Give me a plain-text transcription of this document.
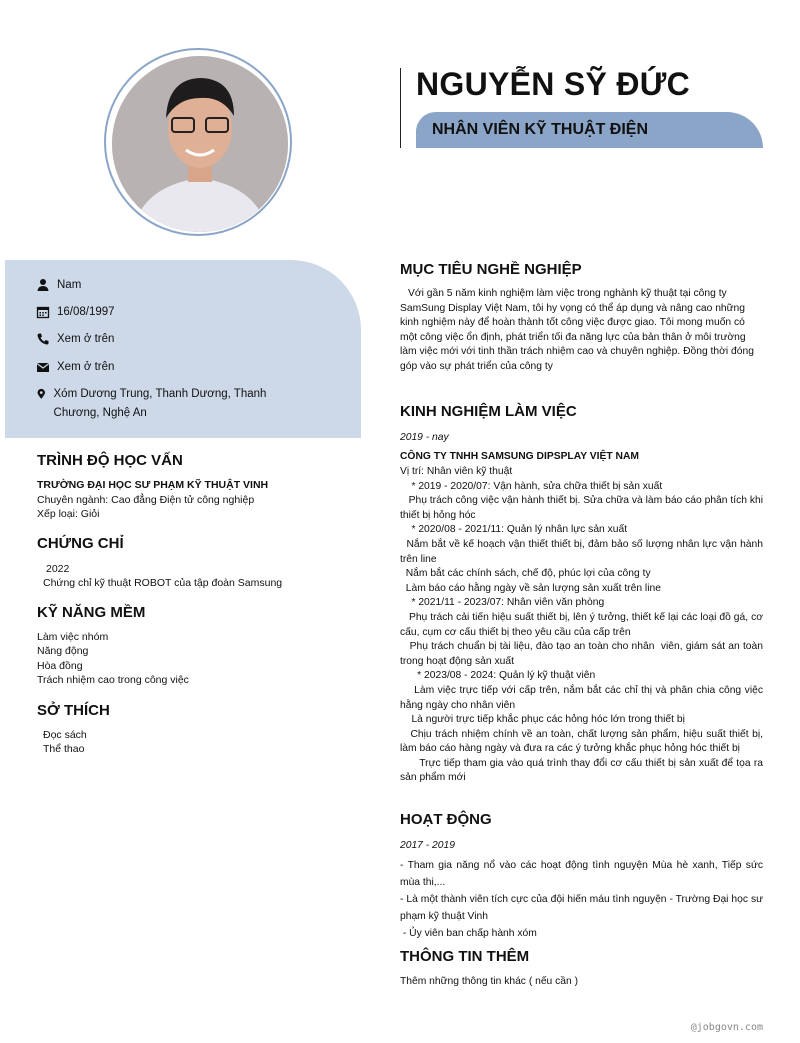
NGUYỄN SỸ ĐỨC
NHÂN VIÊN KỸ THUẬT ĐIỆN
Nam
16/08/1997
Xem ở trên
Xem ở trên
Xóm Dương Trung, Thanh Dương, Thanh Chương, Nghệ An
TRÌNH ĐỘ HỌC VẤN
TRƯỜNG ĐẠI HỌC SƯ PHẠM KỸ THUẬT VINH
Chuyên ngành: Cao đẳng Điện tử công nghiệp
Xếp loại: Giỏi
CHỨNG CHỈ
2022
Chứng chỉ kỹ thuật ROBOT của tập đoàn Samsung
KỸ NĂNG MỀM
Làm việc nhóm
Năng động
Hòa đồng
Trách nhiệm cao trong công việc
SỞ THÍCH
Đọc sách
Thể thao
MỤC TIÊU NGHỀ NGHIỆP
Với gần 5 năm kinh nghiệm làm việc trong nghành kỹ thuật tại công ty SamSung Display Việt Nam, tôi hy vọng có thể áp dụng và nâng cao những kinh nghiệm này để hoàn thành tốt công việc được giao. Tôi mong muốn có một công việc ổn định, phát triển tối đa năng lực của bản thân ở môi trường làm việc mới với tinh thần trách nhiệm cao và chuyên nghiệp. Đồng thời đóng góp vào sự phát triển của công ty
KINH NGHIỆM LÀM VIỆC
2019 - nay
CÔNG TY TNHH SAMSUNG DIPSPLAY VIỆT NAM

Vị trí: Nhân viên kỹ thuật

* 2019 - 2020/07: Vận hành, sửa chữa thiết bị sản xuất

Phụ trách công việc vận hành thiết bị. Sửa chữa và làm báo cáo phân tích khi thiết bị hỏng hóc

* 2020/08 - 2021/11: Quản lý nhân lực sản xuất

Nắm bắt về kế hoạch vận thiết thiết bị, đảm bảo số lượng nhân lực vận hành trên line

Nắm bắt các chính sách, chế độ, phúc lợi của công ty

Làm báo cáo hằng ngày về sản lượng sản xuất trên line

* 2021/11 - 2023/07: Nhân viên văn phòng

Phụ trách cải tiến hiệu suất thiết bị, lên ý tưởng, thiết kế lại các loại đồ gá, cơ cấu, cụm cơ cấu thiết bị theo yêu cầu của cấp trên

Phụ trách chuẩn bị tài liệu, đào tạo an toàn cho nhân  viên, giám sát an toàn trong hoạt động sản xuất

* 2023/08 - 2024: Quản lý kỹ thuật viên

Làm việc trực tiếp với cấp trên, nắm bắt các chỉ thị và phân chia công việc hằng ngày cho nhân viên

Là người trực tiếp khắc phục các hỏng hóc lớn trong thiết bị

Chịu trách nhiệm chính về an toàn, chất lượng sản phẩm, hiệu suất thiết bị, làm báo cáo hàng ngày và đưa ra các ý tưởng khắc phục hỏng hóc thiết bị

Trực tiếp tham gia vào quá trình thay đổi cơ cấu thiết bị sản xuất để tọa ra sản phẩm mới

HOẠT ĐỘNG
2017 - 2019

- Tham gia năng nổ vào các hoạt động tình nguyện Mùa hè xanh, Tiếp sức mùa thi,...

- Là một thành viên tích cực của đội hiến máu tình nguyện - Trường Đại học sư phạm kỹ thuật Vinh

- Ủy viên ban chấp hành xóm

THÔNG TIN THÊM
Thêm những thông tin khác ( nếu cần )
@jobgovn.com
